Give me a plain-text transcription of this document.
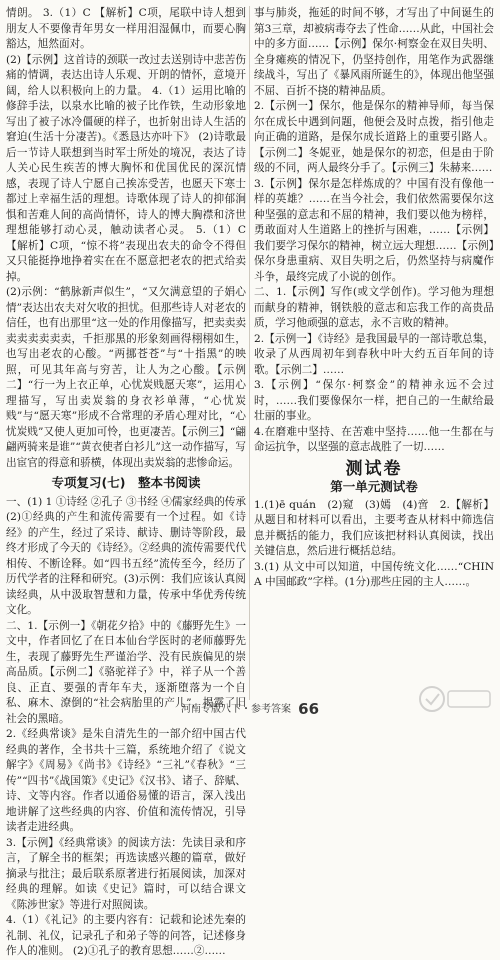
情朗。 3.（1）C 【解析】C项，尾联中诗人想到朋友人不要像青年男女一样用泪湿佩巾，而要心胸豁达，旭然面对。

(2)【示例】这首诗的颈联一改过去送别诗中悲苦伤痛的情调，表达出诗人乐观、开朗的情怀，意境开阔，给人以积极向上的力量。 4.（1）运用比喻的修辞手法，以泉水比喻的被子比作铁，生动形象地写出了被子冰冷僵硬的样子，也折射出诗人生活的窘迫(生活十分凄苦)。《悉恳达亦叶下》 (2)诗歌最后一节诗人联想到当时军士所处的境况，表达了诗人关心民生疾苦的博大胸怀和优国优民的深沉情感，表现了诗人宁愿自己挨冻受苦，也愿天下寒士都过上幸福生活的理想。诗歌体现了诗人的抑郁涧惧和苦难人间的高尚情怀，诗人的博大胸襟和济世理想能够打动心灵，触动读者心灵。 5.（1）C 【解析】C项，“惊不将”表现出农夫的命令不得但又只能挺挣地挣着实在在不愿意把老农的把式给卖掉。

(2)示例：“鹤脉新声似生”，“又欠满意望的子娟心情”表达出农夫对欠收的担忧。但那些诗人对老农的信任，也有出那里“这一处的作用像描写，把卖卖卖卖卖卖卖卖卖，千拒那黑的形象刻画得栩栩如生，也写出老农的心酸。“两挪苍苍”与“十指黑”的映照，可见其年高与穷苦，让人为之心酸。【示例二】“行一为上衣正单，心忧炭贱愿天寒”，运用心理描写，写出卖炭翁的身衣衫单薄，“心忧炭贱”与“愿天寒”形成不合常理的矛盾心理对比，“心忧炭贱”又使人更加可怜，也更凄苦。【示例三】“翩翩两骑来是谁”“黄衣使者白衫儿”这一动作描写，写出宦官的得意和骄横，体现出卖炭翁的悲惨命运。

专项复习(七)　整本书阅读

一、(1) 1 ①诗经 ②孔子 ③书经 ④儒家经典的传承 (2)①经典的产生和流传需要有一个过程。如《诗经》的产生，经过了采诗、献诗、删诗等阶段，最终才形成了今天的《诗经》。②经典的流传需要代代相传、不断诠释。如“四书五经”流传至今，经历了历代学者的注释和研究。(3)示例：我们应该认真阅读经典，从中汲取智慧和力量，传承中华优秀传统文化。

二、1.【示例一】《朝花夕拾》中的《藤野先生》一文中，作者回忆了在日本仙台学医时的老师藤野先生，表现了藤野先生严谨治学、没有民族偏见的崇高品质。【示例二】《骆驼祥子》中，祥子从一个善良、正直、要强的青年车夫，逐渐堕落为一个自私、麻木、潦倒的“社会病胎里的产儿”，揭露了旧社会的黑暗。

2.《经典常谈》是朱自清先生的一部介绍中国古代经典的著作，全书共十三篇，系统地介绍了《说文解字》《周易》《尚书》《诗经》“三礼”《春秋》“三传”“四书”《战国策》《史记》《汉书》、诸子、辞赋、诗、文等内容。作者以通俗易懂的语言，深入浅出地讲解了这些经典的内容、价值和流传情况，引导读者走进经典。

3.【示例】《经典常谈》的阅读方法：先读目录和序言，了解全书的框架；再选读感兴趣的篇章，做好摘录与批注；最后联系原著进行拓展阅读，加深对经典的理解。如读《史记》篇时，可以结合课文《陈涉世家》等进行对照阅读。

4.（1）《礼记》的主要内容有：记载和论述先秦的礼制、礼仪，记录孔子和弟子等的问答，记述修身作人的准则。 (2)①孔子的教育思想……②……

事与肺炎，拖延的时间不够，才写出了中间诞生的第3三章，却被病毒夺去了性命……从此，中国社会中的多方面……【示例】保尔·柯察金在双目失明、全身瘫痪的情况下，仍坚持创作，用笔作为武器继续战斗，写出了《暴风雨所诞生的》，体现出他坚强不屈、百折不挠的精神品质。

2.【示例一】保尔，他是保尔的精神导师，每当保尔在成长中遇到问题，他便会及时点拨，指引他走向正确的道路，是保尔成长道路上的重要引路人。【示例二】冬妮亚，她是保尔的初恋，但是由于阶级的不同，两人最终分手了。【示例三】朱赫来……

3.【示例】保尔是怎样炼成的？中国有没有像他一样的英雄？……在当今社会，我们依然需要保尔这种坚强的意志和不屈的精神，我们要以他为榜样，勇敢面对人生道路上的挫折与困难，……【示例】我们要学习保尔的精神，树立远大理想……【示例】保尔身患重病、双目失明之后，仍然坚持与病魔作斗争，最终完成了小说的创作。

二、1.【示例】写作(或文学创作)。学习他为理想而献身的精神，钢铁般的意志和忘我工作的高贵品质，学习他顽强的意志，永不言败的精神。

2.【示例一】《诗经》是我国最早的一部诗歌总集，收录了从西周初年到春秋中叶大约五百年间的诗歌。【示例二】……

3.【示例】“保尔·柯察金”的精神永远不会过时，……我们要像保尔一样，把自己的一生献给最壮丽的事业。

4.在磨难中坚持、在苦难中坚持……他一生都在与命运抗争，以坚强的意志战胜了一切……

测试卷
第一单元测试卷

1.(1)ē quán　(2)窥　(3)嫣　(4)啻　2.【解析】从题目和材料可以看出，主要考查从材料中筛选信息并概括的能力，我们应该把材料认真阅读，找出关键信息，然后进行概括总结。

3.(1) 从文中可以知道，中国传统文化……“CHINA 中国邮政”字样。(1分)那些庄园的主人……。

河南专版八下・参考答案 66
